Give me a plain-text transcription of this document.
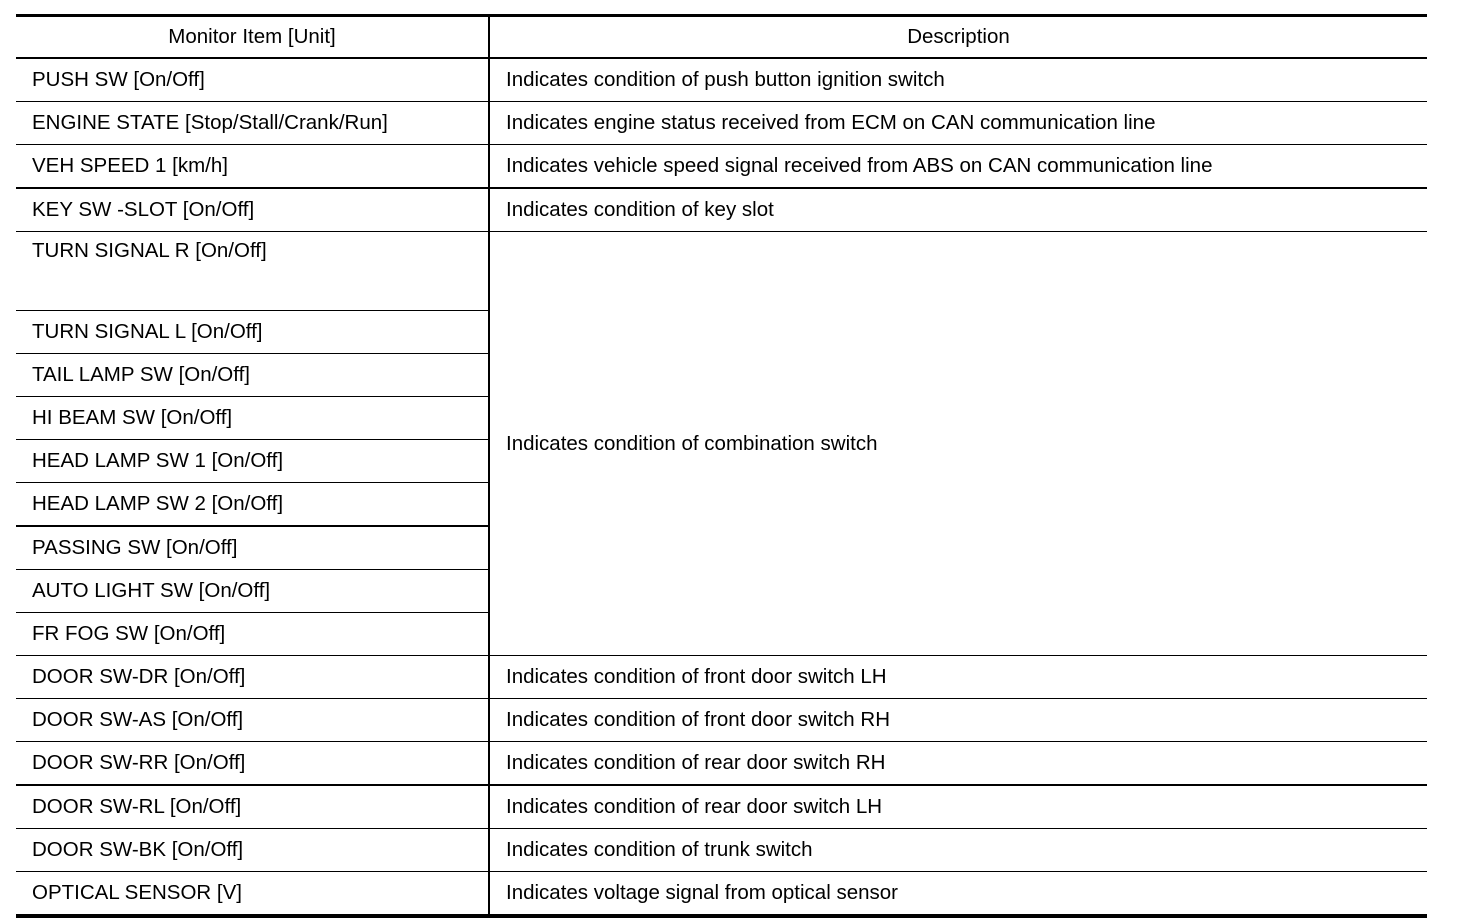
Monitor Item [Unit]	Description
PUSH SW [On/Off]	Indicates condition of push button ignition switch
ENGINE STATE [Stop/Stall/Crank/Run]	Indicates engine status received from ECM on CAN communication line
VEH SPEED 1 [km/h]	Indicates vehicle speed signal received from ABS on CAN communication line
KEY SW -SLOT [On/Off]	Indicates condition of key slot
TURN SIGNAL R [On/Off]	Indicates condition of combination switch
TURN SIGNAL L [On/Off]	
TAIL LAMP SW [On/Off]	
HI BEAM SW [On/Off]	
HEAD LAMP SW 1 [On/Off]	
HEAD LAMP SW 2 [On/Off]	
PASSING SW [On/Off]	
AUTO LIGHT SW [On/Off]	
FR FOG SW [On/Off]	
DOOR SW-DR [On/Off]	Indicates condition of front door switch LH
DOOR SW-AS [On/Off]	Indicates condition of front door switch RH
DOOR SW-RR [On/Off]	Indicates condition of rear door switch RH
DOOR SW-RL [On/Off]	Indicates condition of rear door switch LH
DOOR SW-BK [On/Off]	Indicates condition of trunk switch
OPTICAL SENSOR [V]	Indicates voltage signal from optical sensor
